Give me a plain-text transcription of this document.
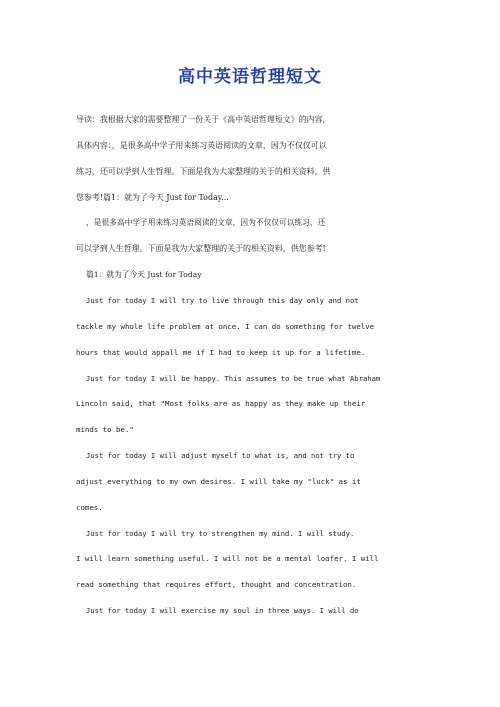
高中英语哲理短文
导读：我根据大家的需要整理了一份关于《高中英语哲理短文》的内容，
具体内容：，是很多高中学子用来练习英语阅读的文章，因为不仅仅可以
练习，还可以学到人生哲理。下面是我为大家整理的关于的相关资料，供
您参考!篇1：就为了今天 Just for Today...
，是很多高中学子用来练习英语阅读的文章，因为不仅仅可以练习，还
可以学到人生哲理。下面是我为大家整理的关于的相关资料，供您参考!
篇1：就为了今天 Just for Today
Just for today I will try to live through this day only and not
tackle my whole life problem at once. I can do something for twelve
hours that would appall me if I had to keep it up for a lifetime.
Just for today I will be happy. This assumes to be true what Abraham
Lincoln said, that "Most folks are as happy as they make up their
minds to be."
Just for today I will adjust myself to what is, and not try to
adjust everything to my own desires. I will take my "luck" as it
comes.
Just for today I will try to strengthen my mind. I will study.
I will learn something useful. I will not be a mental loafer. I will
read something that requires effort, thought and concentration.
Just for today I will exercise my soul in three ways. I will do
